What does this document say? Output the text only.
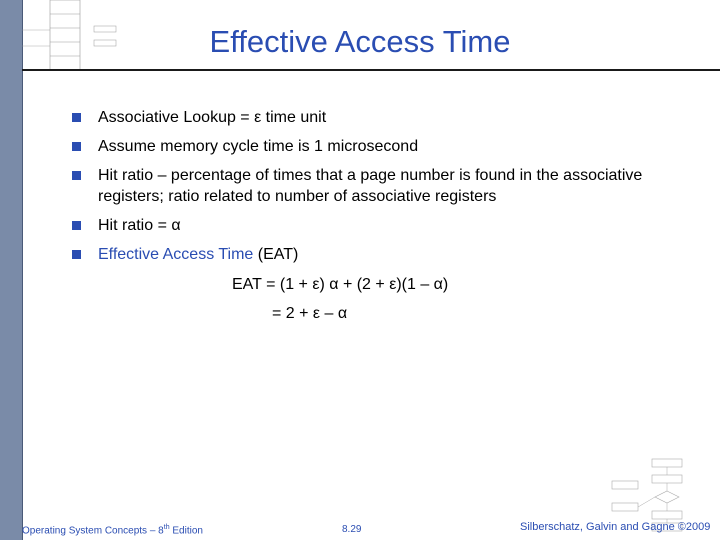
Effective Access Time
Associative Lookup = ε time unit
Assume memory cycle time is 1 microsecond
Hit ratio – percentage of times that a page number is found in the associative registers; ratio related to number of associative registers
Hit ratio = α
Effective Access Time (EAT)
EAT = (1 + ε) α + (2 + ε)(1 – α)
= 2 + ε – α
Operating System Concepts – 8th Edition	8.29	Silberschatz, Galvin and Gagne ©2009
